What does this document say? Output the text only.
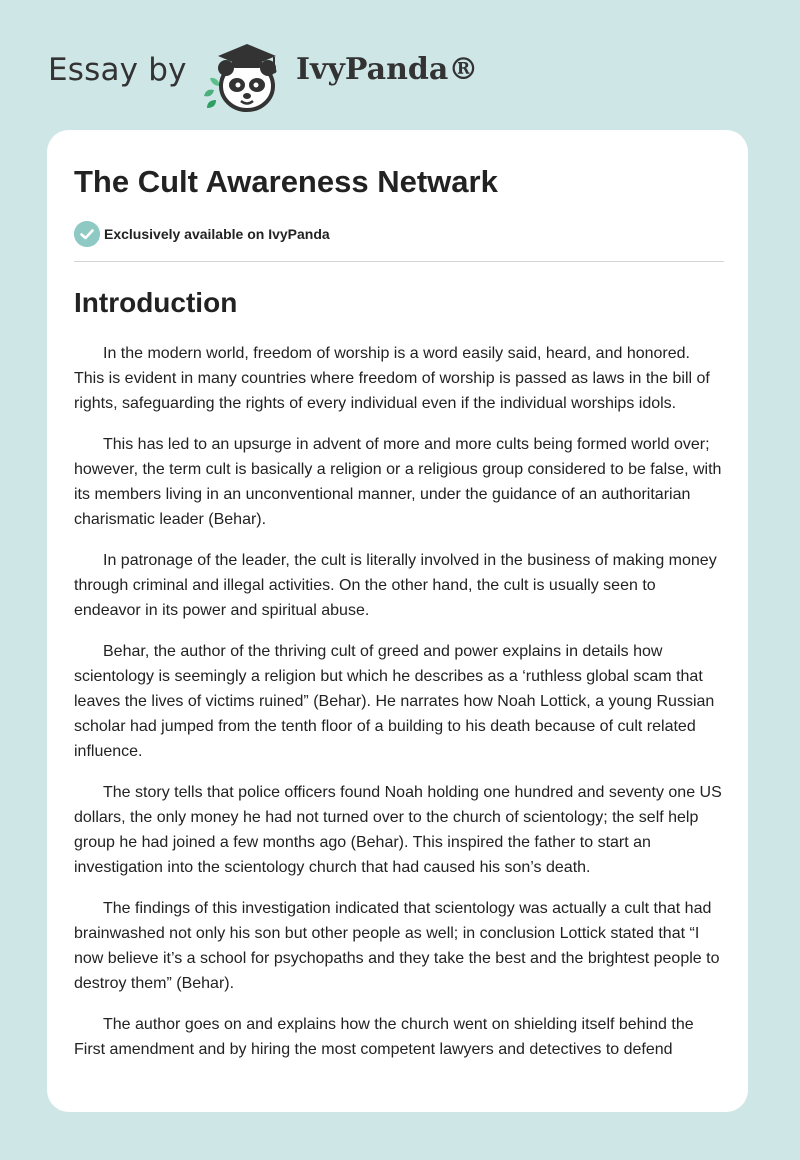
Essay by	IvyPanda®
The Cult Awareness Netwark
Exclusively available on IvyPanda
Introduction

In the modern world, freedom of worship is a word easily said, heard, and honored. This is evident in many countries where freedom of worship is passed as laws in the bill of rights, safeguarding the rights of every individual even if the individual worships idols.

This has led to an upsurge in advent of more and more cults being formed world over; however, the term cult is basically a religion or a religious group considered to be false, with its members living in an unconventional manner, under the guidance of an authoritarian charismatic leader (Behar).

In patronage of the leader, the cult is literally involved in the business of making money through criminal and illegal activities. On the other hand, the cult is usually seen to endeavor in its power and spiritual abuse.

Behar, the author of the thriving cult of greed and power explains in details how scientology is seemingly a religion but which he describes as a ‘ruthless global scam that leaves the lives of victims ruined” (Behar). He narrates how Noah Lottick, a young Russian scholar had jumped from the tenth floor of a building to his death because of cult related influence.

The story tells that police officers found Noah holding one hundred and seventy one US dollars, the only money he had not turned over to the church of scientology; the self help group he had joined a few months ago (Behar). This inspired the father to start an investigation into the scientology church that had caused his son’s death.

The findings of this investigation indicated that scientology was actually a cult that had brainwashed not only his son but other people as well; in conclusion Lottick stated that “I now believe it’s a school for psychopaths and they take the best and the brightest people to destroy them” (Behar).

The author goes on and explains how the church went on shielding itself behind the First amendment and by hiring the most competent lawyers and detectives to defend
